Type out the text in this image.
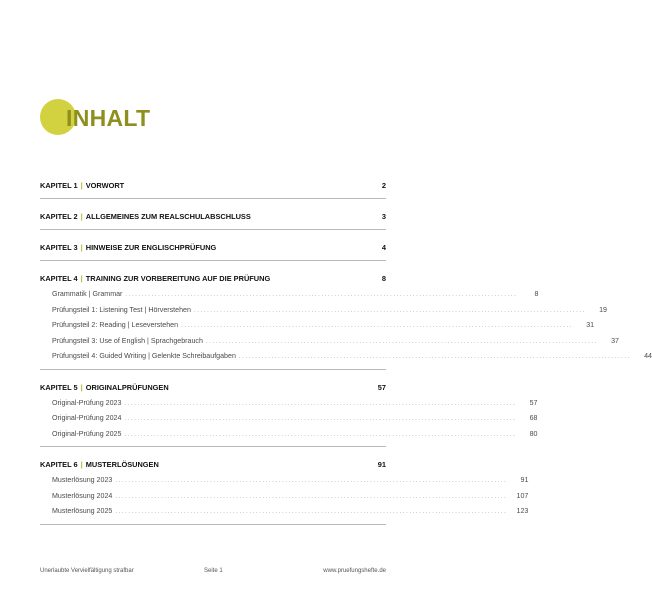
INHALT
KAPITEL 1 | VORWORT	2
KAPITEL 2 | ALLGEMEINES ZUM REALSCHULABSCHLUSS	3
KAPITEL 3 | HINWEISE ZUR ENGLISCHPRÜFUNG	4
KAPITEL 4 | TRAINING ZUR VORBEREITUNG AUF DIE PRÜFUNG	8
Grammatik | Grammar ........................................................................................................................	8
Prüfungsteil 1: Listening Test | Hörverstehen ........................................................................................................................	19
Prüfungsteil 2: Reading | Leseverstehen ........................................................................................................................	31
Prüfungsteil 3: Use of English | Sprachgebrauch ........................................................................................................................	37
Prüfungsteil 4: Guided Writing | Gelenkte Schreibaufgaben ........................................................................................................................	44
KAPITEL 5 | ORIGINALPRÜFUNGEN	57
Original-Prüfung 2023 ........................................................................................................................	57
Original-Prüfung 2024 ........................................................................................................................	68
Original-Prüfung 2025 ........................................................................................................................	80
KAPITEL 6 | MUSTERLÖSUNGEN	91
Musterlösung 2023 ........................................................................................................................	91
Musterlösung 2024 ........................................................................................................................	107
Musterlösung 2025 ........................................................................................................................	123
Unerlaubte Vervielfältigung strafbar	Seite 1	www.pruefungshefte.de
